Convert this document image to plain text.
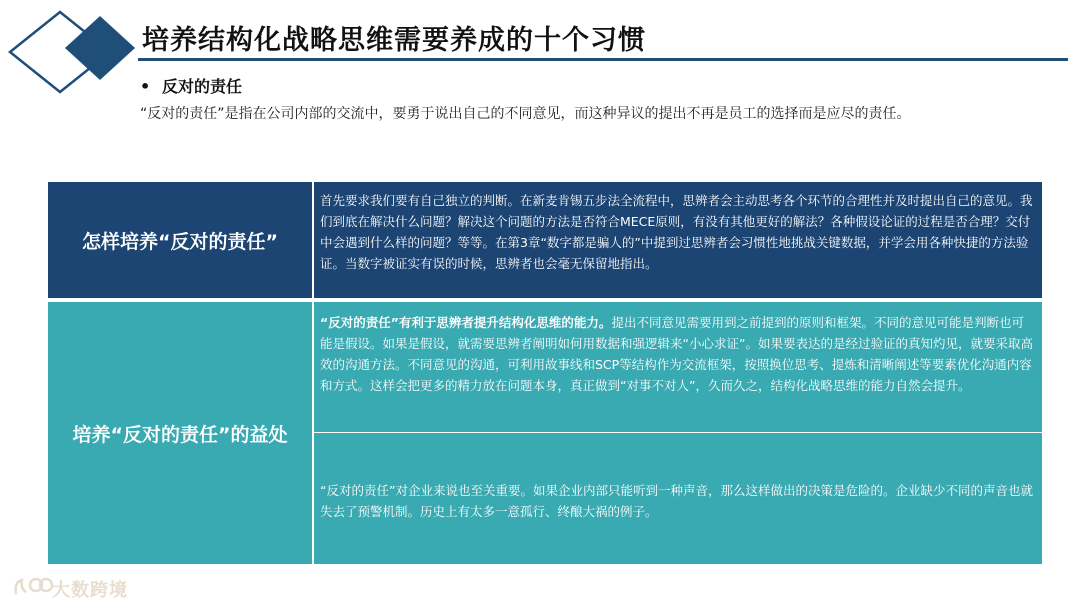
培养结构化战略思维需要养成的十个习惯
• 反对的责任
“反对的责任”是指在公司内部的交流中，要勇于说出自己的不同意见，而这种异议的提出不再是员工的选择而是应尽的责任。
怎样培养“反对的责任”
首先要求我们要有自己独立的判断。在新麦肯锡五步法全流程中，思辨者会主动思考各个环节的合理性并及时提出自己的意见。我们到底在解决什么问题？解决这个问题的方法是否符合MECE原则，有没有其他更好的解法？各种假设论证的过程是否合理？交付中会遇到什么样的问题？等等。在第3章“数字都是骗人的”中提到过思辨者会习惯性地挑战关键数据，并学会用各种快捷的方法验证。当数字被证实有误的时候，思辨者也会毫无保留地指出。
培养“反对的责任”的益处
“反对的责任”有利于思辨者提升结构化思维的能力。提出不同意见需要用到之前提到的原则和框架。不同的意见可能是判断也可能是假设。如果是假设，就需要思辨者阐明如何用数据和强逻辑来“小心求证”。如果要表达的是经过验证的真知灼见，就要采取高效的沟通方法。不同意见的沟通，可利用故事线和SCP等结构作为交流框架，按照换位思考、提炼和清晰阐述等要素优化沟通内容和方式。这样会把更多的精力放在问题本身，真正做到“对事不对人”，久而久之，结构化战略思维的能力自然会提升。
“反对的责任”对企业来说也至关重要。如果企业内部只能听到一种声音，那么这样做出的决策是危险的。企业缺少不同的声音也就失去了预警机制。历史上有太多一意孤行、终酿大祸的例子。
大数跨境
